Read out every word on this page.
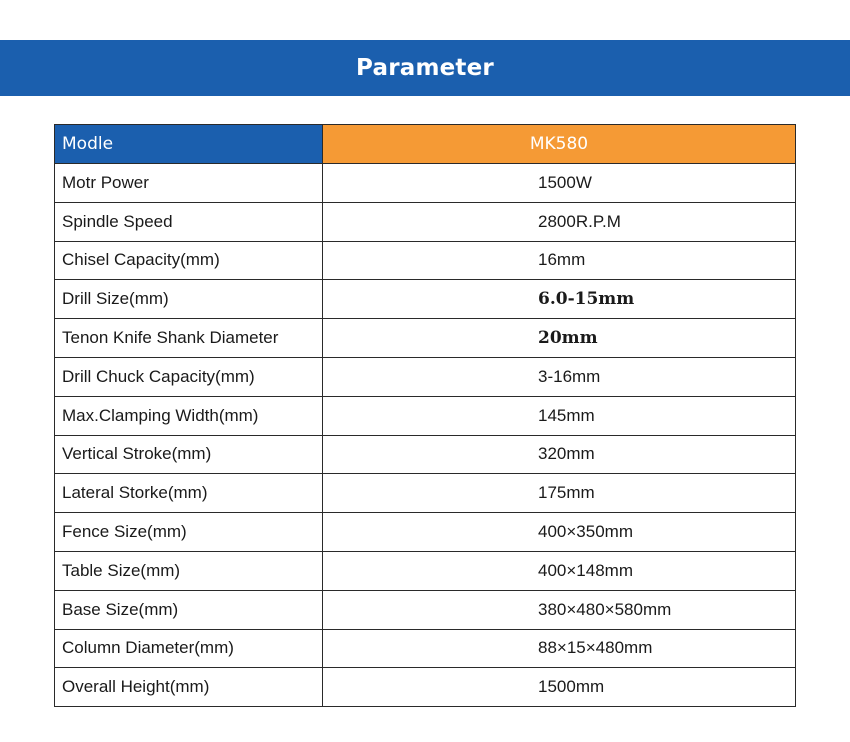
Parameter
Modle	MK580
Motr Power	1500W
Spindle Speed	2800R.P.M
Chisel Capacity(mm)	16mm
Drill Size(mm)	6.0-15mm
Tenon Knife Shank Diameter	20mm
Drill Chuck Capacity(mm)	3-16mm
Max.Clamping Width(mm)	145mm
Vertical Stroke(mm)	320mm
Lateral Storke(mm)	175mm
Fence Size(mm)	400×350mm
Table Size(mm)	400×148mm
Base Size(mm)	380×480×580mm
Column Diameter(mm)	88×15×480mm
Overall Height(mm)	1500mm
